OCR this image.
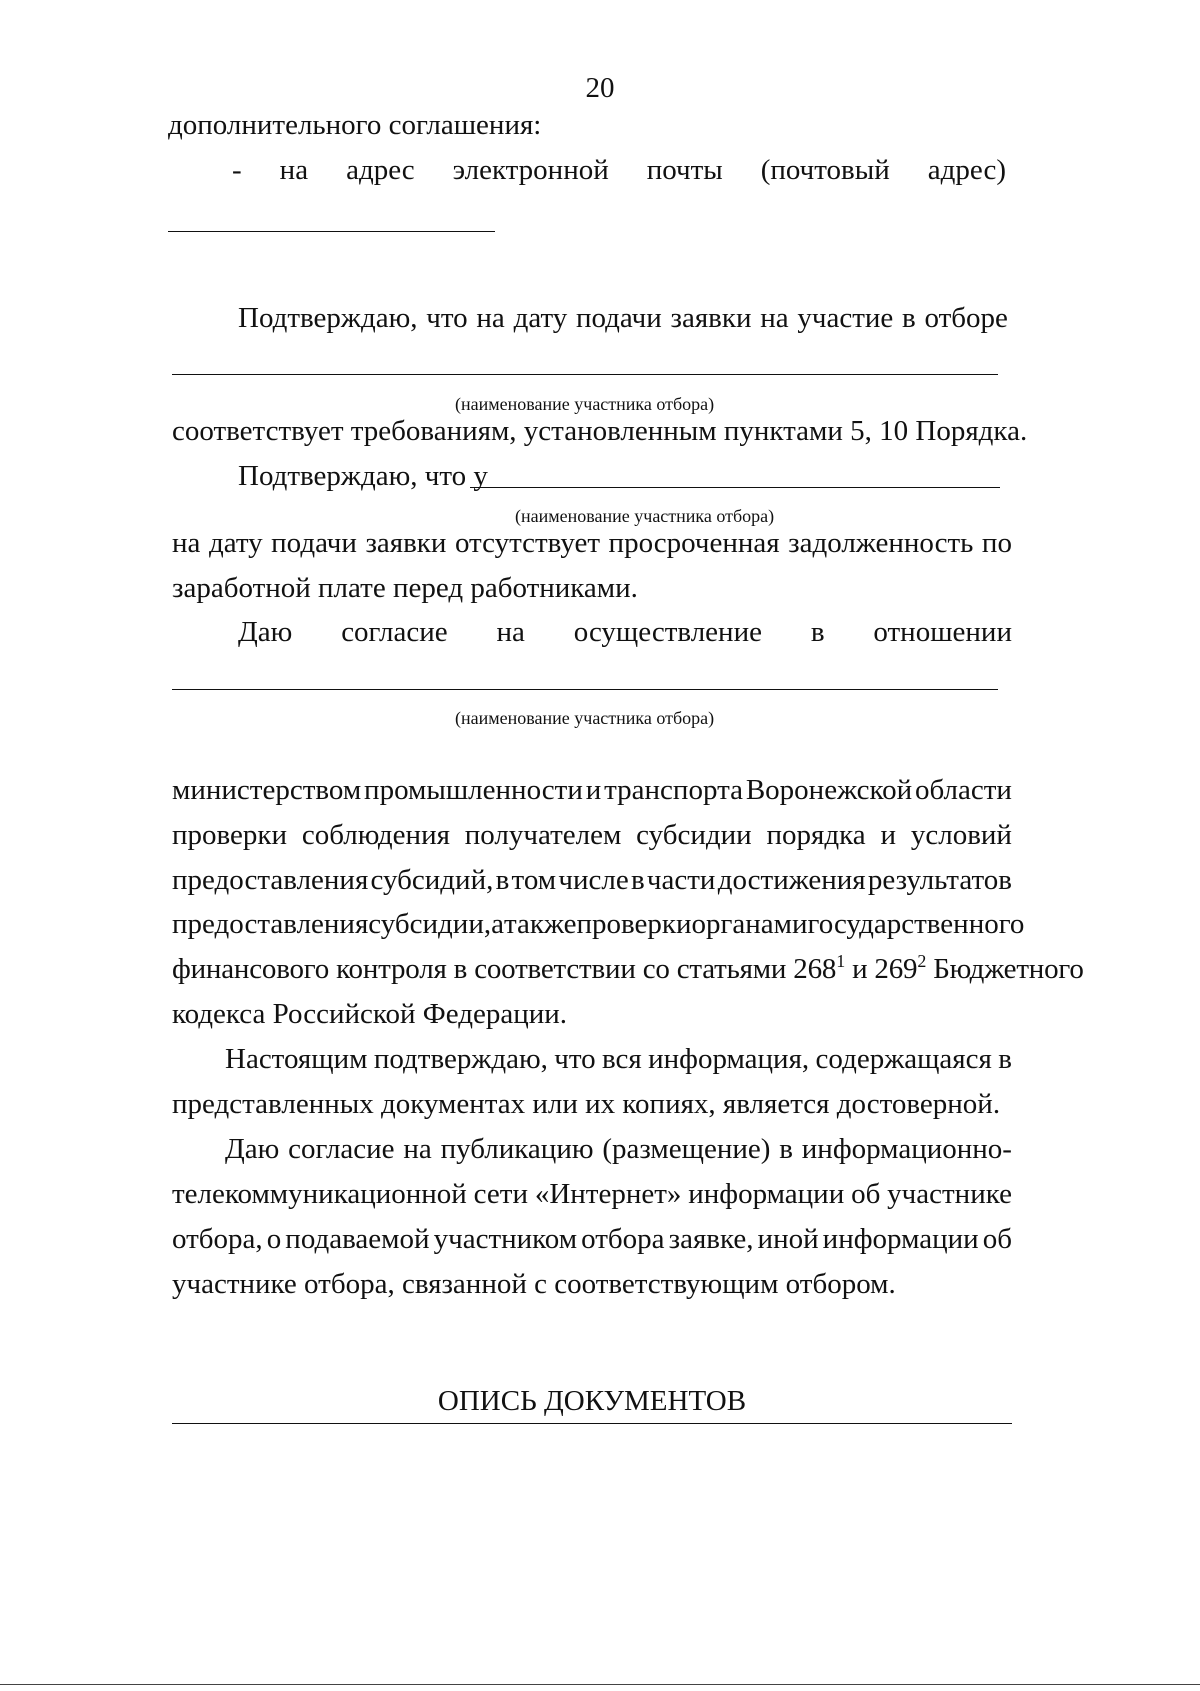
20
дополнительного соглашения:
- на адрес электронной почты (почтовый адрес)
Подтверждаю, что на дату подачи заявки на участие в отборе
(наименование участника отбора)
соответствует требованиям, установленным пунктами 5, 10 Порядка.
Подтверждаю, что у
(наименование участника отбора)
на дату подачи заявки отсутствует просроченная задолженность по
заработной плате перед работниками.
Даю согласие на осуществление в отношении
(наименование участника отбора)
министерством промышленности и транспорта Воронежской области
проверки соблюдения получателем субсидии порядка и условий
предоставления субсидий, в том числе в части достижения результатов
предоставления субсидии, а также проверки органами государственного
финансового контроля в соответствии со статьями $268^1$ и $269^2$ Бюджетного
кодекса Российской Федерации.
Настоящим подтверждаю, что вся информация, содержащаяся в
представленных документах или их копиях, является достоверной.
Даю согласие на публикацию (размещение) в информационно-
телекоммуникационной сети «Интернет» информации об участнике
отбора, о подаваемой участником отбора заявке, иной информации об
участнике отбора, связанной с соответствующим отбором.
ОПИСЬ ДОКУМЕНТОВ
